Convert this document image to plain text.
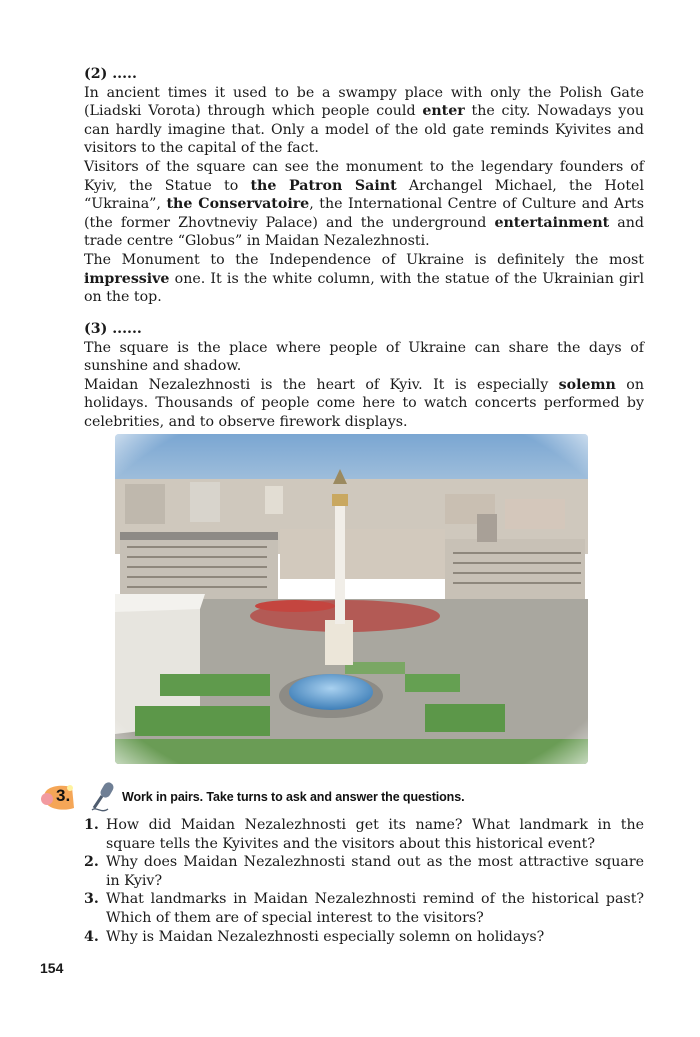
(2) .....

In ancient times it used to be a swampy place with only the Polish Gate (Liadski Vorota) through which people could enter the city. Nowadays you can hardly imagine that. Only a model of the old gate reminds Kyivites and visitors to the capital of the fact.

Visitors of the square can see the monument to the legendary founders of Kyiv, the Statue to the Patron Saint Archangel Michael, the Hotel “Ukraina”, the Conservatoire, the International Centre of Culture and Arts (the former Zhovtneviy Palace) and the underground entertainment and trade centre “Globus” in Maidan Nezalezhnosti.

The Monument to the Independence of Ukraine is definitely the most impressive one. It is the white column, with the statue of the Ukrainian girl on the top.

(3) ......

The square is the place where people of Ukraine can share the days of sunshine and shadow.

Maidan Nezalezhnosti is the heart of Kyiv. It is especially solemn on holidays. Thousands of people come here to watch concerts performed by celebrities, and to observe firework displays.

3.	Work in pairs. Take turns to ask and answer the questions.
1. How did Maidan Nezalezhnosti get its name? What landmark in the square tells the Kyivites and the visitors about this historical event?
2. Why does Maidan Nezalezhnosti stand out as the most attractive square in Kyiv?
3. What landmarks in Maidan Nezalezhnosti remind of the historical past? Which of them are of special interest to the visitors?
4. Why is Maidan Nezalezhnosti especially solemn on holidays?
154
